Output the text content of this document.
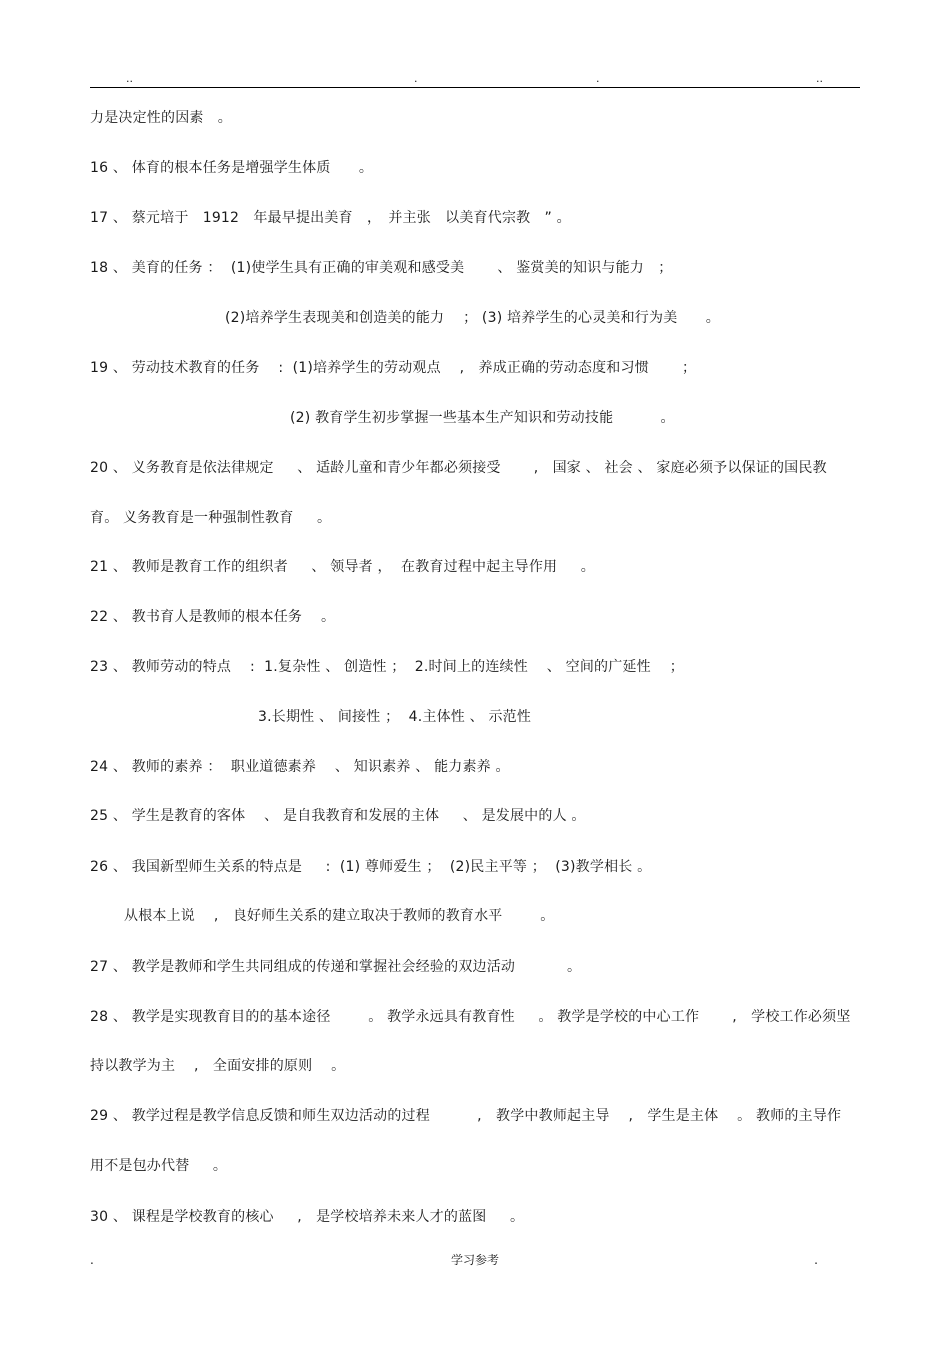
..	.	.	..
力是决定性的因素　。
16 、 体育的根本任务是增强学生体质　　。
17 、 蔡元培于　1912　年最早提出美育　，　并主张　以美育代宗教　” 。
18 、 美育的任务 ：  (1)使学生具有正确的审美观和感受美　　 、 鉴赏美的知识与能力　；
(2)培养学生表现美和创造美的能力　 ； (3) 培养学生的心灵美和行为美　　。
19 、 劳动技术教育的任务 　:  (1)培养学生的劳动观点 　,　养成正确的劳动态度和习惯　　 ；
(2) 教育学生初步掌握一些基本生产知识和劳动技能 　　　。
20 、 义务教育是依法律规定 　 、 适龄儿童和青少年都必须接受　　 ,　国家 、 社会 、 家庭必须予以保证的国民教
育。 义务教育是一种强制性教育 　 。
21 、 教师是教育工作的组织者 　 、 领导者 ，  在教育过程中起主导作用 　 。
22 、 教书育人是教师的根本任务　 。
23 、 教师劳动的特点 　:  1.复杂性 、 创造性 ；  2.时间上的连续性 　、 空间的广延性 　；
3.长期性 、 间接性 ；  4.主体性 、 示范性
24 、 教师的素养 ：  职业道德素养 　、 知识素养 、 能力素养 。
25 、 学生是教育的客体 　、 是自我教育和发展的主体 　 、 是发展中的人 。
26 、 我国新型师生关系的特点是 　 :  (1) 尊师爱生 ；  (2)民主平等 ；  (3)教学相长 。
从根本上说 　,　良好师生关系的建立取决于教师的教育水平 　　 。
27 、 教学是教师和学生共同组成的传递和掌握社会经验的双边活动 　　　 。
28 、 教学是实现教育目的的基本途径 　　 。 教学永远具有教育性 　 。 教学是学校的中心工作 　　,　学校工作必须坚
持以教学为主 　,　全面安排的原则　 。
29 、 教学过程是教学信息反馈和师生双边活动的过程 　　　,　教学中教师起主导 　,　学生是主体 　。 教师的主导作
用不是包办代替 　 。
30 、 课程是学校教育的核心 　 ,　是学校培养未来人才的蓝图 　 。
.	学习参考	.
